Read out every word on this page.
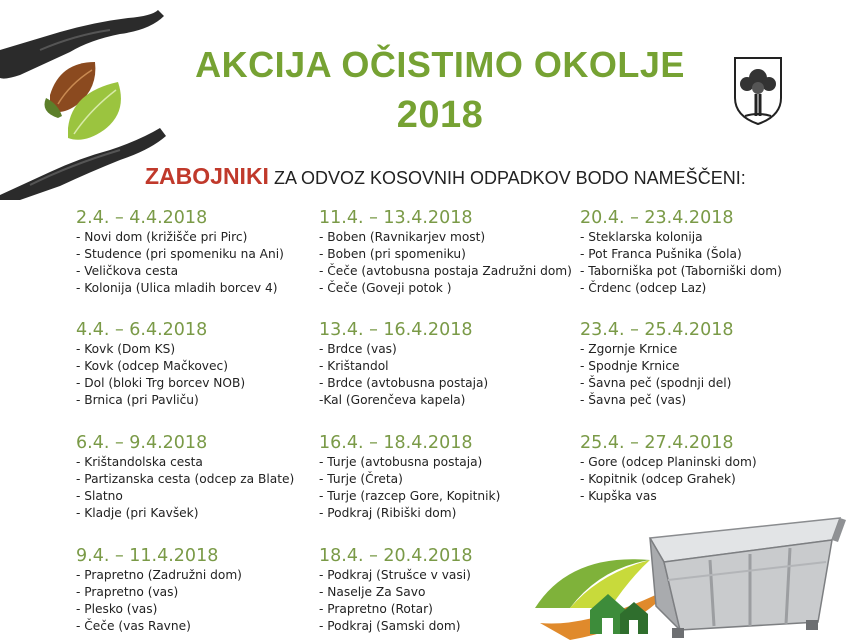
AKCIJA OČISTIMO OKOLJE
2018
ZABOJNIKI ZA ODVOZ KOSOVNIH ODPADKOV BODO NAMEŠČENI:
2.4. – 4.4.2018
- Novi dom (križišče pri Pirc)
- Studence (pri spomeniku na Ani)
- Veličkova cesta
- Kolonija (Ulica mladih borcev 4)
4.4. – 6.4.2018
- Kovk (Dom KS)
- Kovk (odcep Mačkovec)
- Dol (bloki Trg borcev NOB)
- Brnica (pri Pavliču)
6.4. – 9.4.2018
- Krištandolska cesta
- Partizanska cesta (odcep za Blate)
- Slatno
- Kladje (pri Kavšek)
9.4. – 11.4.2018
- Prapretno (Zadružni dom)
- Prapretno (vas)
- Plesko (vas)
- Čeče (vas Ravne)
11.4. – 13.4.2018
- Boben (Ravnikarjev most)
- Boben (pri spomeniku)
- Čeče (avtobusna postaja Zadružni dom)
- Čeče (Goveji potok )
13.4. – 16.4.2018
- Brdce (vas)
- Krištandol
- Brdce (avtobusna postaja)
-Kal (Gorenčeva kapela)
16.4. – 18.4.2018
- Turje (avtobusna postaja)
- Turje (Čreta)
- Turje (razcep Gore, Kopitnik)
- Podkraj (Ribiški dom)
18.4. – 20.4.2018
- Podkraj (Strušce v vasi)
- Naselje Za Savo
- Prapretno (Rotar)
- Podkraj (Samski dom)
20.4. – 23.4.2018
- Steklarska kolonija
- Pot Franca Pušnika (Šola)
- Taborniška pot (Taborniški dom)
- Črdenc (odcep Laz)
23.4. – 25.4.2018
- Zgornje Krnice
- Spodnje Krnice
- Šavna peč (spodnji del)
- Šavna peč (vas)
25.4. – 27.4.2018
- Gore (odcep Planinski dom)
- Kopitnik (odcep Grahek)
- Kupška vas
